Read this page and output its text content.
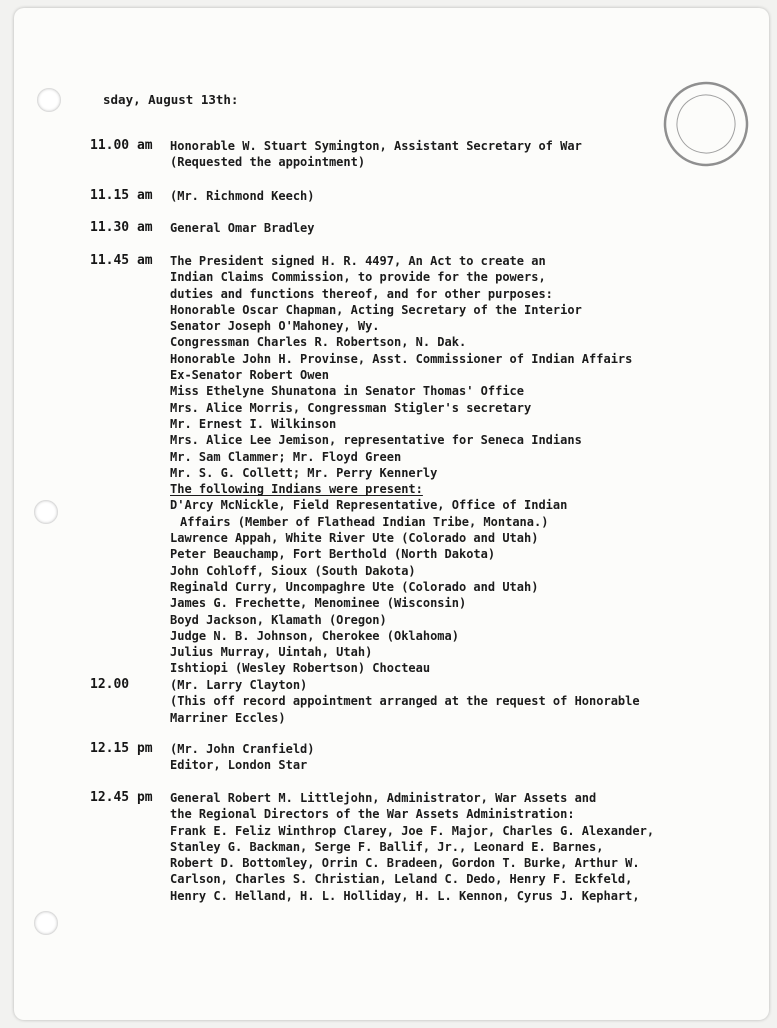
sday, August 13th:
11.00 am	Honorable W. Stuart Symington, Assistant Secretary of War
(Requested the appointment)
11.15 am	(Mr. Richmond Keech)
11.30 am	General Omar Bradley
11.45 am	The President signed H. R. 4497, An Act to create an
Indian Claims Commission, to provide for the powers,
duties and functions thereof, and for other purposes:
Honorable Oscar Chapman, Acting Secretary of the Interior
Senator Joseph O'Mahoney, Wy.
Congressman Charles R. Robertson, N. Dak.
Honorable John H. Provinse, Asst. Commissioner of Indian Affairs
Ex-Senator Robert Owen
Miss Ethelyne Shunatona in Senator Thomas' Office
Mrs. Alice Morris, Congressman Stigler's secretary
Mr. Ernest I. Wilkinson
Mrs. Alice Lee Jemison, representative for Seneca Indians
Mr. Sam Clammer; Mr. Floyd Green
Mr. S. G. Collett; Mr. Perry Kennerly
The following Indians were present:
D'Arcy McNickle, Field Representative, Office of Indian
Affairs (Member of Flathead Indian Tribe, Montana.)
Lawrence Appah, White River Ute (Colorado and Utah)
Peter Beauchamp, Fort Berthold (North Dakota)
John Cohloff, Sioux (South Dakota)
Reginald Curry, Uncompaghre Ute (Colorado and Utah)
James G. Frechette, Menominee (Wisconsin)
Boyd Jackson, Klamath (Oregon)
Judge N. B. Johnson, Cherokee (Oklahoma)
Julius Murray, Uintah, Utah)
Ishtiopi (Wesley Robertson) Chocteau
12.00	(Mr. Larry Clayton)
(This off record appointment arranged at the request of Honorable
Marriner Eccles)
12.15 pm	(Mr. John Cranfield)
Editor, London Star
12.45 pm	General Robert M. Littlejohn, Administrator, War Assets and
the Regional Directors of the War Assets Administration:
Frank E. Feliz Winthrop Clarey, Joe F. Major, Charles G. Alexander,
Stanley G. Backman, Serge F. Ballif, Jr., Leonard E. Barnes,
Robert D. Bottomley, Orrin C. Bradeen, Gordon T. Burke, Arthur W.
Carlson, Charles S. Christian, Leland C. Dedo, Henry F. Eckfeld,
Henry C. Helland, H. L. Holliday, H. L. Kennon, Cyrus J. Kephart,
